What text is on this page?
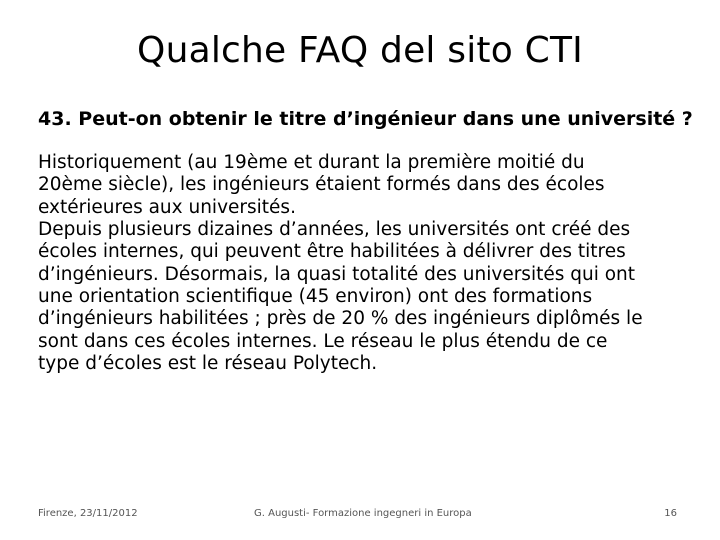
Qualche FAQ del sito CTI

43. Peut-on obtenir le titre d’ingénieur dans une université ?

Historiquement (au 19ème et durant la première moitié du
20ème siècle), les ingénieurs étaient formés dans des écoles
extérieures aux universités.
Depuis plusieurs dizaines d’années, les universités ont créé des
écoles internes, qui peuvent être habilitées à délivrer des titres
d’ingénieurs. Désormais, la quasi totalité des universités qui ont
une orientation scientifique (45 environ) ont des formations
d’ingénieurs habilitées ; près de 20 % des ingénieurs diplômés le
sont dans ces écoles internes. Le réseau le plus étendu de ce
type d’écoles est le réseau Polytech.
Firenze, 23/11/2012	G. Augusti- Formazione ingegneri in Europa	16
